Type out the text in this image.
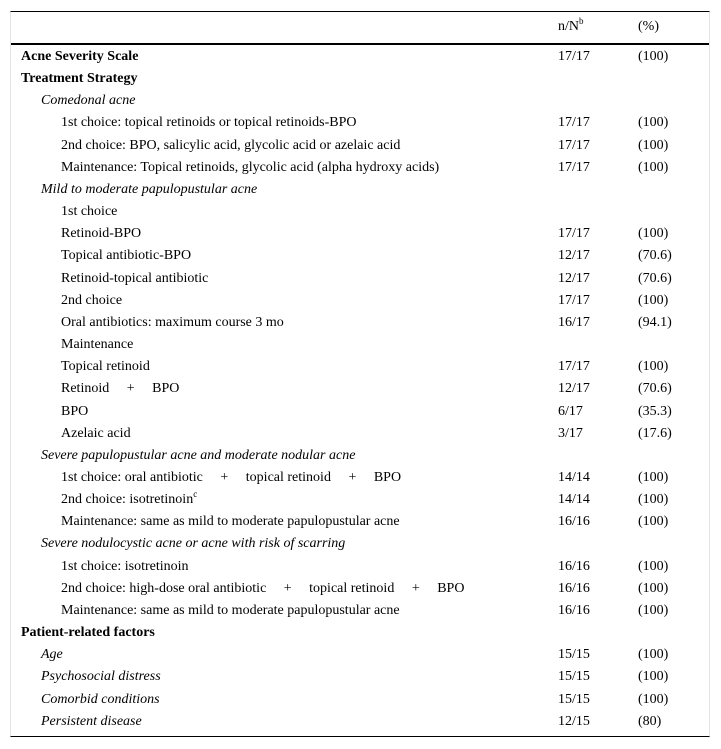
$n/N^b$	(%)
Acne Severity Scale	17/17	(100)
Treatment Strategy
Comedonal acne
1st choice: topical retinoids or topical retinoids-BPO	17/17	(100)
2nd choice: BPO, salicylic acid, glycolic acid or azelaic acid	17/17	(100)
Maintenance: Topical retinoids, glycolic acid (alpha hydroxy acids)	17/17	(100)
Mild to moderate papulopustular acne
1st choice
Retinoid-BPO	17/17	(100)
Topical antibiotic-BPO	12/17	(70.6)
Retinoid-topical antibiotic	12/17	(70.6)
2nd choice	17/17	(100)
Oral antibiotics: maximum course 3 mo	16/17	(94.1)
Maintenance
Topical retinoid	17/17	(100)
Retinoid     +     BPO	12/17	(70.6)
BPO	6/17	(35.3)
Azelaic acid	3/17	(17.6)
Severe papulopustular acne and moderate nodular acne
1st choice: oral antibiotic     +     topical retinoid     +     BPO	14/14	(100)
2nd choice: isotretinoin$^c$	14/14	(100)
Maintenance: same as mild to moderate papulopustular acne	16/16	(100)
Severe nodulocystic acne or acne with risk of scarring
1st choice: isotretinoin	16/16	(100)
2nd choice: high-dose oral antibiotic     +     topical retinoid     +     BPO	16/16	(100)
Maintenance: same as mild to moderate papulopustular acne	16/16	(100)
Patient-related factors
Age	15/15	(100)
Psychosocial distress	15/15	(100)
Comorbid conditions	15/15	(100)
Persistent disease	12/15	(80)
